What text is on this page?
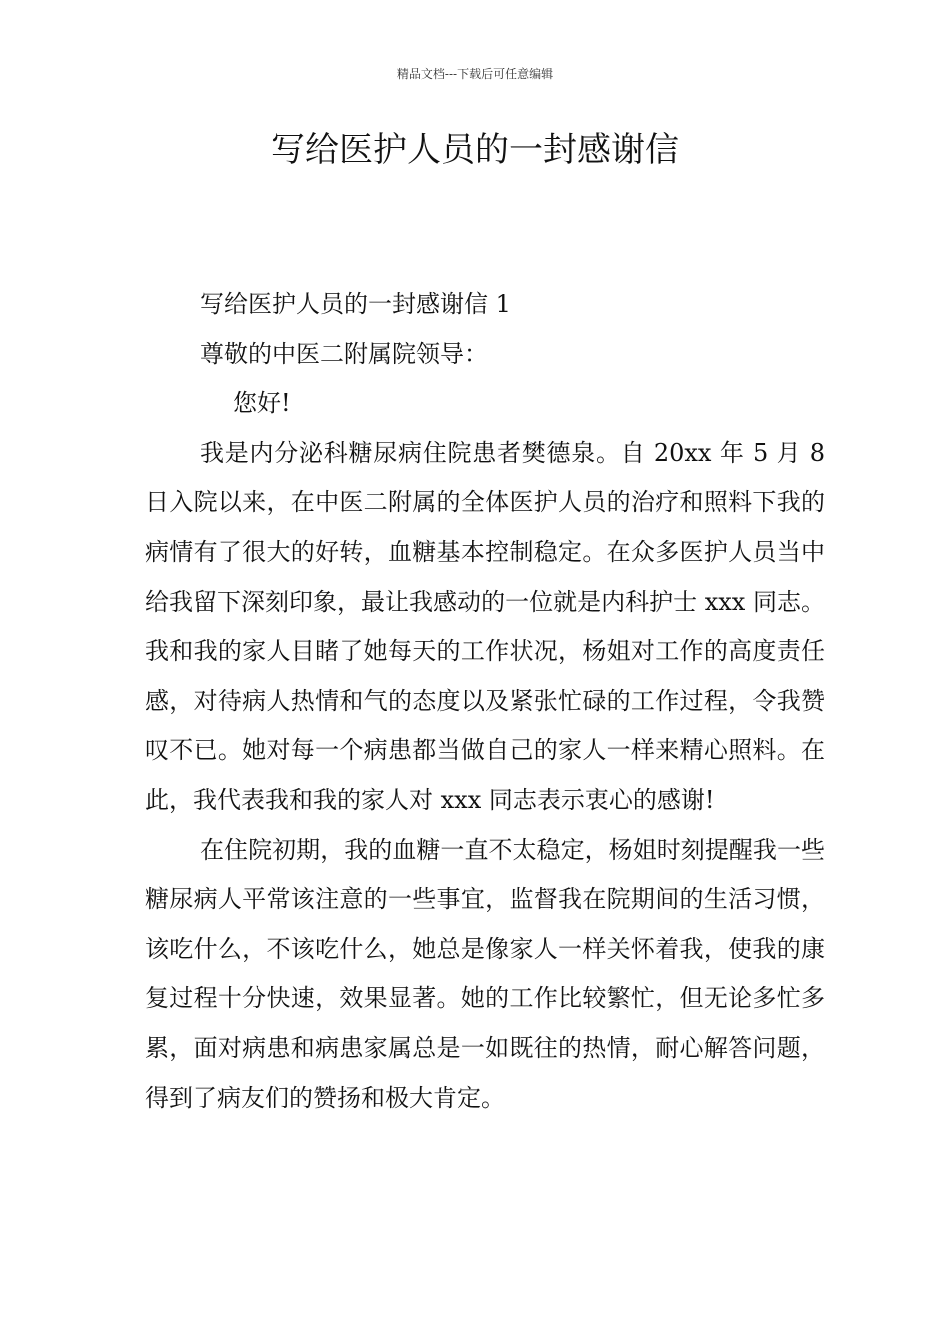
精品文档---下载后可任意编辑
写给医护人员的一封感谢信

写给医护人员的一封感谢信 1

尊敬的中医二附属院领导：

您好!

我是内分泌科糖尿病住院患者樊德泉。自 20xx 年 5 月 8 日入院以来，在中医二附属的全体医护人员的治疗和照料下我的病情有了很大的好转，血糖基本控制稳定。在众多医护人员当中给我留下深刻印象，最让我感动的一位就是内科护士 xxx 同志。我和我的家人目睹了她每天的工作状况，杨姐对工作的高度责任感，对待病人热情和气的态度以及紧张忙碌的工作过程，令我赞叹不已。她对每一个病患都当做自己的家人一样来精心照料。在此，我代表我和我的家人对 xxx 同志表示衷心的感谢!

在住院初期，我的血糖一直不太稳定，杨姐时刻提醒我一些糖尿病人平常该注意的一些事宜，监督我在院期间的生活习惯，该吃什么，不该吃什么，她总是像家人一样关怀着我，使我的康复过程十分快速，效果显著。她的工作比较繁忙，但无论多忙多累，面对病患和病患家属总是一如既往的热情，耐心解答问题，得到了病友们的赞扬和极大肯定。
